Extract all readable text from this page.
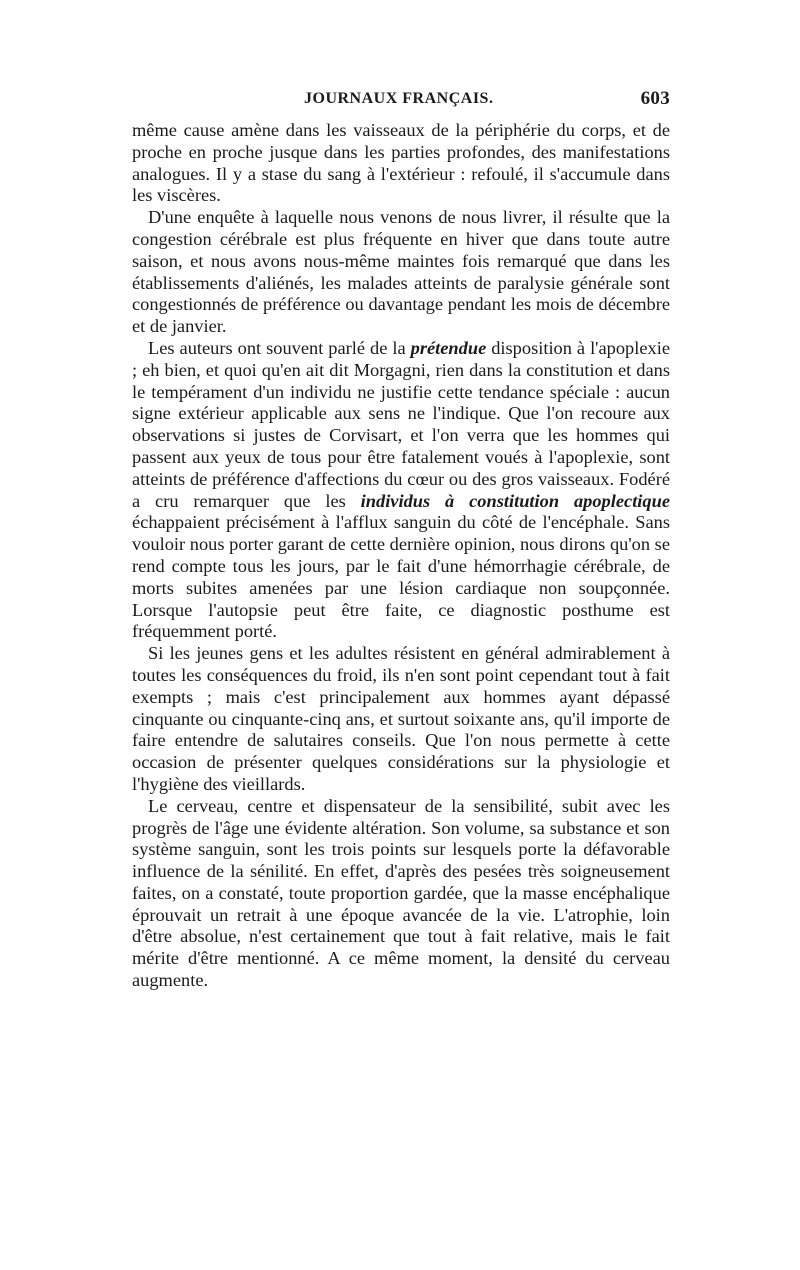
JOURNAUX FRANÇAIS.	603

même cause amène dans les vaisseaux de la périphérie du corps, et de proche en proche jusque dans les parties profondes, des manifestations analogues. Il y a stase du sang à l'extérieur : refoulé, il s'accumule dans les viscères.

D'une enquête à laquelle nous venons de nous livrer, il résulte que la congestion cérébrale est plus fréquente en hiver que dans toute autre saison, et nous avons nous-même maintes fois remarqué que dans les établissements d'aliénés, les malades atteints de paralysie générale sont congestionnés de préférence ou davantage pendant les mois de décembre et de janvier.

Les auteurs ont souvent parlé de la prétendue disposition à l'apoplexie ; eh bien, et quoi qu'en ait dit Morgagni, rien dans la constitution et dans le tempérament d'un individu ne justifie cette tendance spéciale : aucun signe extérieur applicable aux sens ne l'indique. Que l'on recoure aux observations si justes de Corvisart, et l'on verra que les hommes qui passent aux yeux de tous pour être fatalement voués à l'apoplexie, sont atteints de préférence d'affections du cœur ou des gros vaisseaux. Fodéré a cru remarquer que les individus à constitution apoplectique échappaient précisément à l'afflux sanguin du côté de l'encéphale. Sans vouloir nous porter garant de cette dernière opinion, nous dirons qu'on se rend compte tous les jours, par le fait d'une hémorrhagie cérébrale, de morts subites amenées par une lésion cardiaque non soupçonnée. Lorsque l'autopsie peut être faite, ce diagnostic posthume est fréquemment porté.

Si les jeunes gens et les adultes résistent en général admirablement à toutes les conséquences du froid, ils n'en sont point cependant tout à fait exempts ; mais c'est principalement aux hommes ayant dépassé cinquante ou cinquante-cinq ans, et surtout soixante ans, qu'il importe de faire entendre de salutaires conseils. Que l'on nous permette à cette occasion de présenter quelques considérations sur la physiologie et l'hygiène des vieillards.

Le cerveau, centre et dispensateur de la sensibilité, subit avec les progrès de l'âge une évidente altération. Son volume, sa substance et son système sanguin, sont les trois points sur lesquels porte la défavorable influence de la sénilité. En effet, d'après des pesées très soigneusement faites, on a constaté, toute proportion gardée, que la masse encéphalique éprouvait un retrait à une époque avancée de la vie. L'atrophie, loin d'être absolue, n'est certainement que tout à fait relative, mais le fait mérite d'être mentionné. A ce même moment, la densité du cerveau augmente.
